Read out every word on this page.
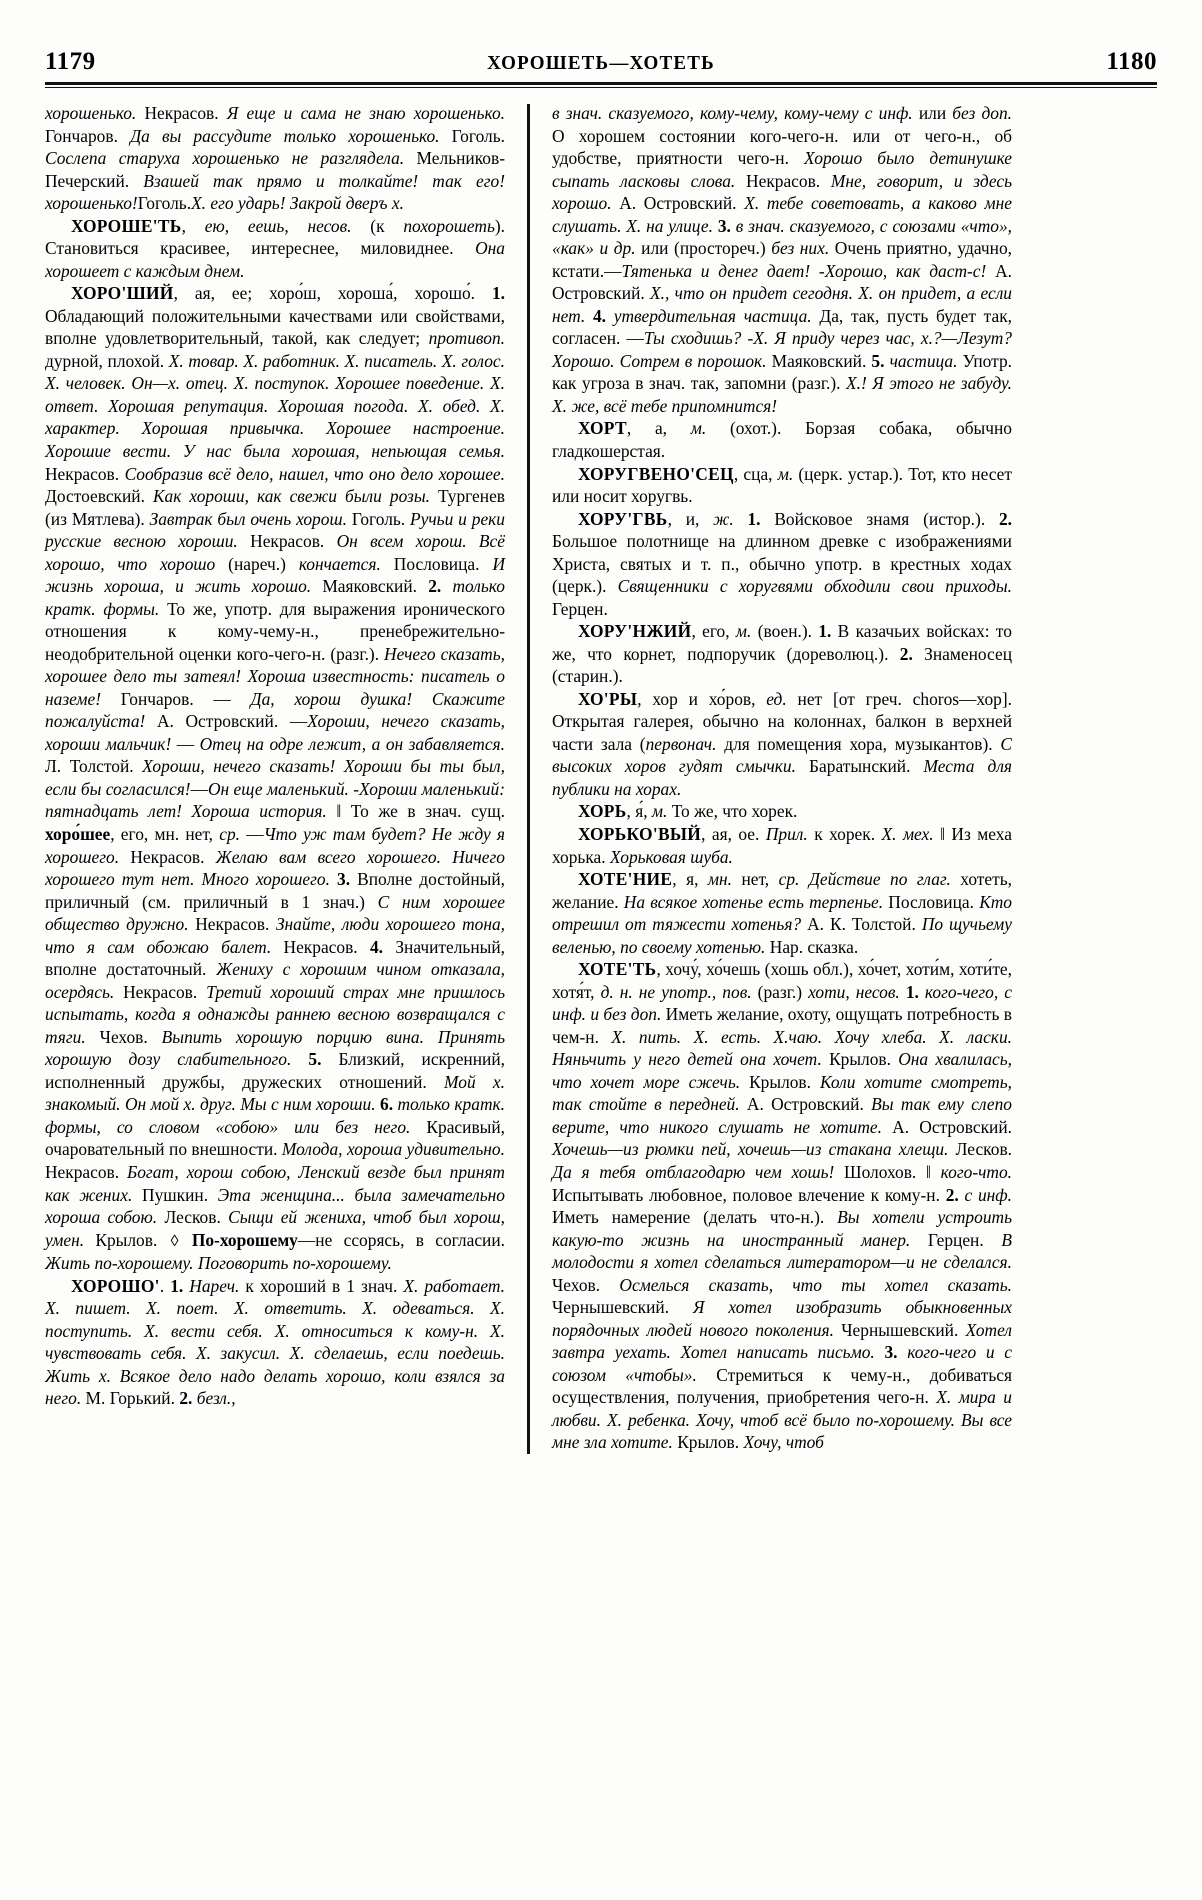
1179	ХОРОШЕТЬ—ХОТЕТЬ	1180

хорошенько. Некрасов. Я еще и сама не знаю хорошенько. Гончаров. Да вы рассудите только хорошенько. Гоголь. Сослепа старуха хорошенько не разглядела. Мельников-Печерский. Взашей так прямо и толкайте! так его! хорошенько!Гоголь.Х. его ударь! Закрой дверъ х.

ХОРОШЕ'ТЬ, ею, еешь, несов. (к похорошеть). Становиться красивее, интереснее, миловиднее. Она хорошеет с каждым днем.

ХОРО'ШИЙ, ая, ее; хоро́ш, хороша́, хорошо́. 1. Обладающий положительными качествами или свойствами, вполне удовлетворительный, такой, как следует; противоп. дурной, плохой. Х. товар. Х. работник. Х. писатель. Х. голос. Х. человек. Он—х. отец. Х. поступок. Хорошее поведение. Х. ответ. Хорошая репутация. Хорошая погода. Х. обед. Х. характер. Хорошая привычка. Хорошее настроение. Хорошие вести. У нас была хорошая, непьющая семья. Некрасов. Сообразив всё дело, нашел, что оно дело хорошее. Достоевский. Как хороши, как свежи были розы. Тургенев (из Мятлева). Завтрак был очень хорош. Гоголь. Ручьи и реки русские весною хороши. Некрасов. Он всем хорош. Всё хорошо, что хорошо (нареч.) кончается. Пословица. И жизнь хороша, и жить хорошо. Маяковский. 2. только кратк. формы. То же, употр. для выражения иронического отношения к кому-чему-н., пренебрежительно-неодобрительной оценки кого-чего-н. (разг.). Нечего сказать, хорошее дело ты затеял! Хороша известность: писатель о наземе! Гончаров. — Да, хорош душка! Скажите пожалуйста! А. Островский. —Хороши, нечего сказать, хороши мальчик! — Отец на одре лежит, а он забавляется. Л. Толстой. Хороши, нечего сказать! Хороши бы ты был, если бы согласился!—Он еще маленький. -Хороши маленький: пятнадцать лет! Хороша история. ‖ То же в знач. сущ. хоро́шее, его, мн. нет, ср. —Что уж там будет? Не жду я хорошего. Некрасов. Желаю вам всего хорошего. Ничего хорошего тут нет. Много хорошего. 3. Вполне достойный, приличный (см. приличный в 1 знач.) С ним хорошее общество дружно. Некрасов. Знайте, люди хорошего тона, что я сам обожаю балет. Некрасов. 4. Значительный, вполне достаточный. Жениху с хорошим чином отказала, осердясь. Некрасов. Третий хороший страх мне пришлось испытать, когда я однажды раннею весною возвращался с тяги. Чехов. Выпить хорошую порцию вина. Принять хорошую дозу слабительного. 5. Близкий, искренний, исполненный дружбы, дружеских отношений. Мой х. знакомый. Он мой х. друг. Мы с ним хороши. 6. только кратк. формы, со словом «собою» или без него. Красивый, очаровательный по внешности. Молода, хороша удивительно. Некрасов. Богат, хорош собою, Ленский везде был принят как жених. Пушкин. Эта женщина... была замечательно хороша собою. Лесков. Сыщи ей жениха, чтоб был хорош, умен. Крылов. ◊ По-хорошему—не ссорясь, в согласии. Жить по-хорошему. Поговорить по-хорошему.

ХОРОШО'. 1. Нареч. к хороший в 1 знач. Х. работает. Х. пишет. Х. поет. Х. ответить. Х. одеваться. Х. поступить. Х. вести себя. Х. относиться к кому-н. Х. чувствовать себя. Х. закусил. Х. сделаешь, если поедешь. Жить х. Всякое дело надо делать хорошо, коли взялся за него. М. Горький. 2. безл.,

в знач. сказуемого, кому-чему, кому-чему с инф. или без доп. О хорошем состоянии кого-чего-н. или от чего-н., об удобстве, приятности чего-н. Хорошо было детинушке сыпать ласковы слова. Некрасов. Мне, говорит, и здесь хорошо. А. Островский. Х. тебе советовать, а каково мне слушать. Х. на улице. 3. в знач. сказуемого, с союзами «что», «как» и др. или (простореч.) без них. Очень приятно, удачно, кстати.—Тятенька и денег дает! -Хорошо, как даст-с! А. Островский. Х., что он придет сегодня. Х. он придет, а если нет. 4. утвердительная частица. Да, так, пусть будет так, согласен. —Ты сходишь? -Х. Я приду через час, х.?—Лезут? Хорошо. Сотрем в порошок. Маяковский. 5. частица. Употр. как угроза в знач. так, запомни (разг.). Х.! Я этого не забуду. Х. же, всё тебе припомнится!

ХОРТ, а, м. (охот.). Борзая собака, обычно гладкошерстая.

ХОРУГВЕНО'СЕЦ, сца, м. (церк. устар.). Тот, кто несет или носит хоругвь.

ХОРУ'ГВЬ, и, ж. 1. Войсковое знамя (истор.). 2. Большое полотнище на длинном древке с изображениями Христа, святых и т. п., обычно употр. в крестных ходах (церк.). Священники с хоругвями обходили свои приходы. Герцен.

ХОРУ'НЖИЙ, его, м. (воен.). 1. В казачьих войсках: то же, что корнет, подпоручик (дореволюц.). 2. Знаменосец (старин.).

ХО'РЫ, хор и хо́ров, ед. нет [от греч. choros—хор]. Открытая галерея, обычно на колоннах, балкон в верхней части зала (первонач. для помещения хора, музыкантов). С высоких хоров гудят смычки. Баратынский. Места для публики на хорах.

ХОРЬ, я́, м. То же, что хорек.

ХОРЬКО'ВЫЙ, ая, ое. Прил. к хорек. Х. мех. ‖ Из меха хорька. Хорьковая шуба.

ХОТЕ'НИЕ, я, мн. нет, ср. Действие по глаг. хотеть, желание. На всякое хотенье есть терпенье. Пословица. Кто отрешил от тяжести хотенья? А. К. Толстой. По щучьему веленью, по своему хотенью. Нар. сказка.

ХОТЕ'ТЬ, хочу́, хо́чешь (хошь обл.), хо́чет, хоти́м, хоти́те, хотя́т, д. н. не употр., пов. (разг.) хоти, несов. 1. кого-чего, с инф. и без доп. Иметь желание, охоту, ощущать потребность в чем-н. Х. пить. Х. есть. Х.чаю. Хочу хлеба. Х. ласки. Няньчить у него детей она хочет. Крылов. Она хвалилась, что хочет море сжечь. Крылов. Коли хотите смотреть, так стойте в передней. А. Островский. Вы так ему слепо верите, что никого слушать не хотите. А. Островский. Хочешь—из рюмки пей, хочешь—из стакана хлещи. Лесков. Да я тебя отблагодарю чем хошь! Шолохов. ‖ кого-что. Испытывать любовное, половое влечение к кому-н. 2. с инф. Иметь намерение (делать что-н.). Вы хотели устроить какую-то жизнь на иностранный манер. Герцен. В молодости я хотел сделаться литератором—и не сделался. Чехов. Осмелься сказать, что ты хотел сказать. Чернышевский. Я хотел изобразить обыкновенных порядочных людей нового поколения. Чернышевский. Хотел завтра уехать. Хотел написать письмо. 3. кого-чего и с союзом «чтобы». Стремиться к чему-н., добиваться осуществления, получения, приобретения чего-н. Х. мира и любви. Х. ребенка. Хочу, чтоб всё было по-хорошему. Вы все мне зла хотите. Крылов. Хочу, чтоб
